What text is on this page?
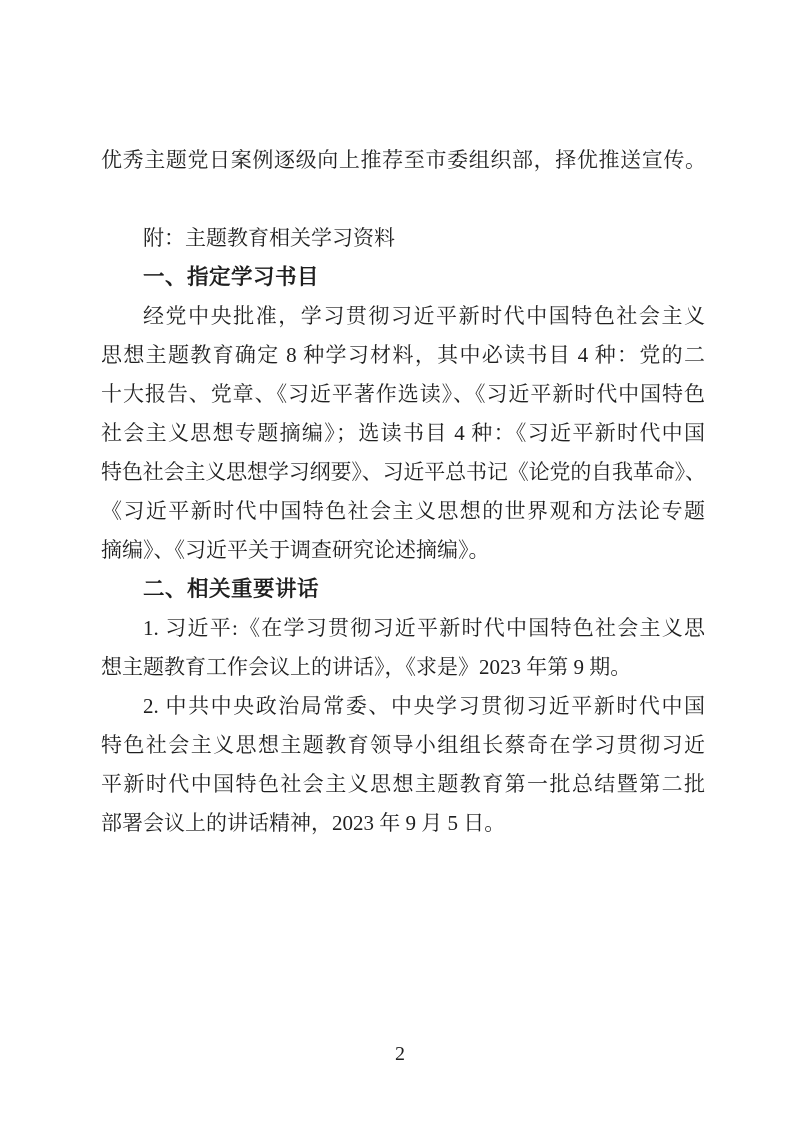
优秀主题党日案例逐级向上推荐至市委组织部，择优推送宣传。
附：主题教育相关学习资料
一、指定学习书目
经党中央批准，学习贯彻习近平新时代中国特色社会主义
思想主题教育确定 8 种学习材料，其中必读书目 4 种：党的二
十大报告、党章、《习近平著作选读》、《习近平新时代中国特色
社会主义思想专题摘编》；选读书目 4 种：《习近平新时代中国
特色社会主义思想学习纲要》、习近平总书记《论党的自我革命》、
《习近平新时代中国特色社会主义思想的世界观和方法论专题
摘编》、《习近平关于调查研究论述摘编》。
二、相关重要讲话
1. 习近平:《在学习贯彻习近平新时代中国特色社会主义思
想主题教育工作会议上的讲话》，《求是》2023 年第 9 期。
2. 中共中央政治局常委、中央学习贯彻习近平新时代中国
特色社会主义思想主题教育领导小组组长蔡奇在学习贯彻习近
平新时代中国特色社会主义思想主题教育第一批总结暨第二批
部署会议上的讲话精神，2023 年 9 月 5 日。
2
